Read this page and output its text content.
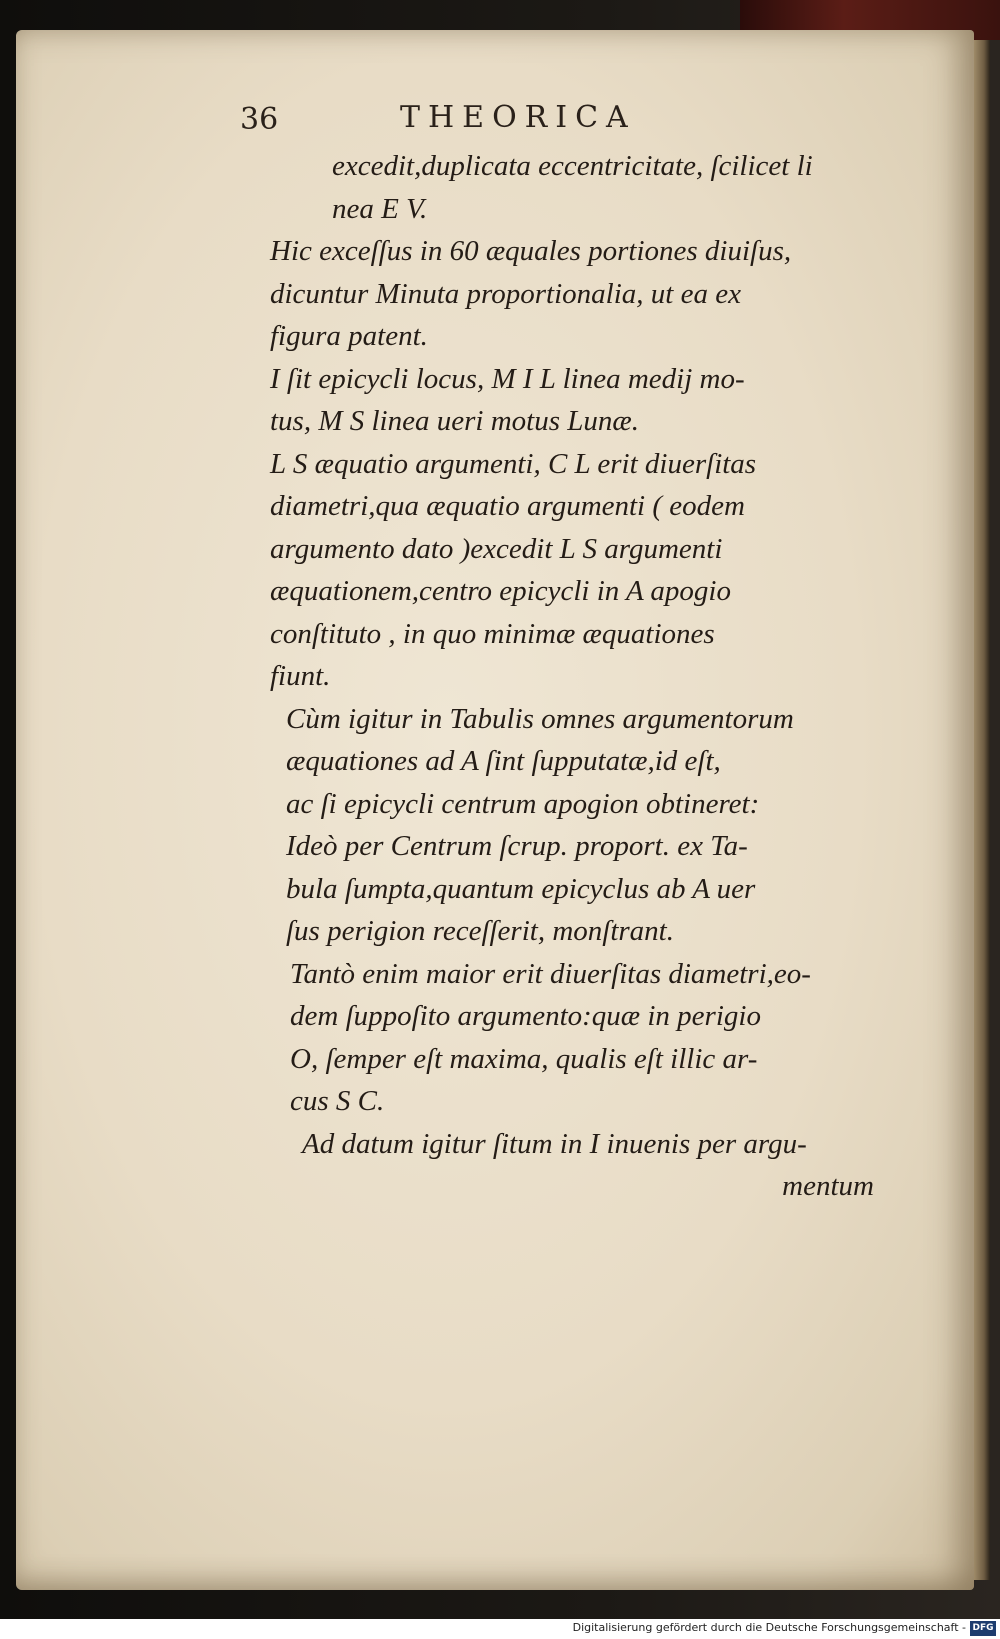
36	THEORICA

excedit,duplicata eccentricitate, ſcilicet li
nea E V.

Hic exceſſus in 60 æquales portiones diuiſus,
dicuntur Minuta proportionalia, ut ea ex
figura patent.

I ſit epicycli locus, M I L linea medij mo-
tus, M S linea ueri motus Lunæ.

L S æquatio argumenti, C L erit diuerſitas
diametri,qua æquatio argumenti ( eodem
argumento dato )excedit L S argumenti
æquationem,centro epicycli in A apogio
conſtituto , in quo minimæ æquationes
fiunt.

Cùm igitur in Tabulis omnes argumentorum
æquationes ad A ſint ſupputatæ,id eſt,
ac ſi epicycli centrum apogion obtineret:
Ideò per Centrum ſcrup. proport. ex Ta-
bula ſumpta,quantum epicyclus ab A uer
ſus perigion receſſerit, monſtrant.

Tantò enim maior erit diuerſitas diametri,eo-
dem ſuppoſito argumento:quæ in perigio
O, ſemper eſt maxima, qualis eſt illic ar-
cus S C.

Ad datum igitur ſitum in I inuenis per argu-
mentum

Digitalisierung gefördert durch die Deutsche Forschungsgemeinschaft - DFG
